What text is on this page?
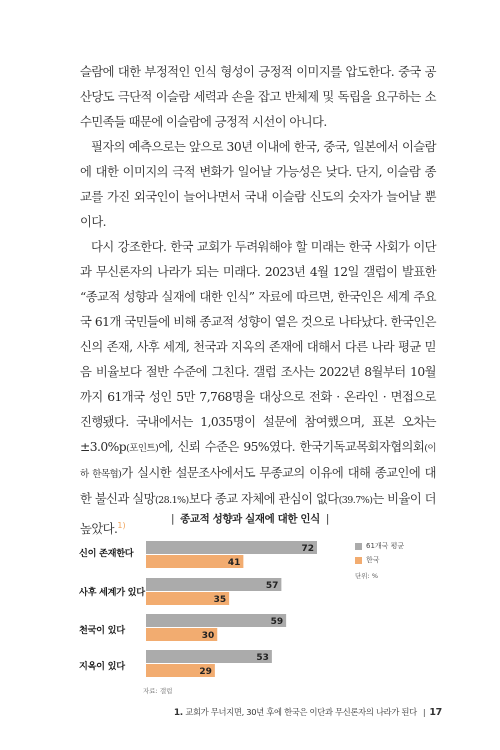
슬람에 대한 부정적인 인식 형성이 긍정적 이미지를 압도한다. 중국 공산당도 극단적 이슬람 세력과 손을 잡고 반체제 및 독립을 요구하는 소수민족들 때문에 이슬람에 긍정적 시선이 아니다.

필자의 예측으로는 앞으로 30년 이내에 한국, 중국, 일본에서 이슬람에 대한 이미지의 극적 변화가 일어날 가능성은 낮다. 단지, 이슬람 종교를 가진 외국인이 늘어나면서 국내 이슬람 신도의 숫자가 늘어날 뿐이다.

다시 강조한다. 한국 교회가 두려워해야 할 미래는 한국 사회가 이단과 무신론자의 나라가 되는 미래다. 2023년 4월 12일 갤럽이 발표한 “종교적 성향과 실재에 대한 인식” 자료에 따르면, 한국인은 세계 주요국 61개 국민들에 비해 종교적 성향이 옅은 것으로 나타났다. 한국인은 신의 존재, 사후 세계, 천국과 지옥의 존재에 대해서 다른 나라 평균 믿음 비율보다 절반 수준에 그친다. 갤럽 조사는 2022년 8월부터 10월까지 61개국 성인 5만 7,768명을 대상으로 전화 · 온라인 · 면접으로 진행됐다. 국내에서는 1,035명이 설문에 참여했으며, 표본 오차는 ±3.0%p(포인트)에, 신뢰 수준은 95%였다. 한국기독교목회자협의회(이하 한목협)가 실시한 설문조사에서도 무종교의 이유에 대해 종교인에 대한 불신과 실망(28.1%)보다 종교 자체에 관심이 없다(39.7%)는 비율이 더 높았다.$^{1)}$

| 종교적 성향과 실재에 대한 인식 |
신이 존재한다
사후 세계가 있다
천국이 있다
지옥이 있다
72
57
59
53
41
35
30
29
61개국 평균
한국
단위: %
자료: 갤럽
1. 교회가 무너지면, 30년 후에 한국은 이단과 무신론자의 나라가 된다 | 17
